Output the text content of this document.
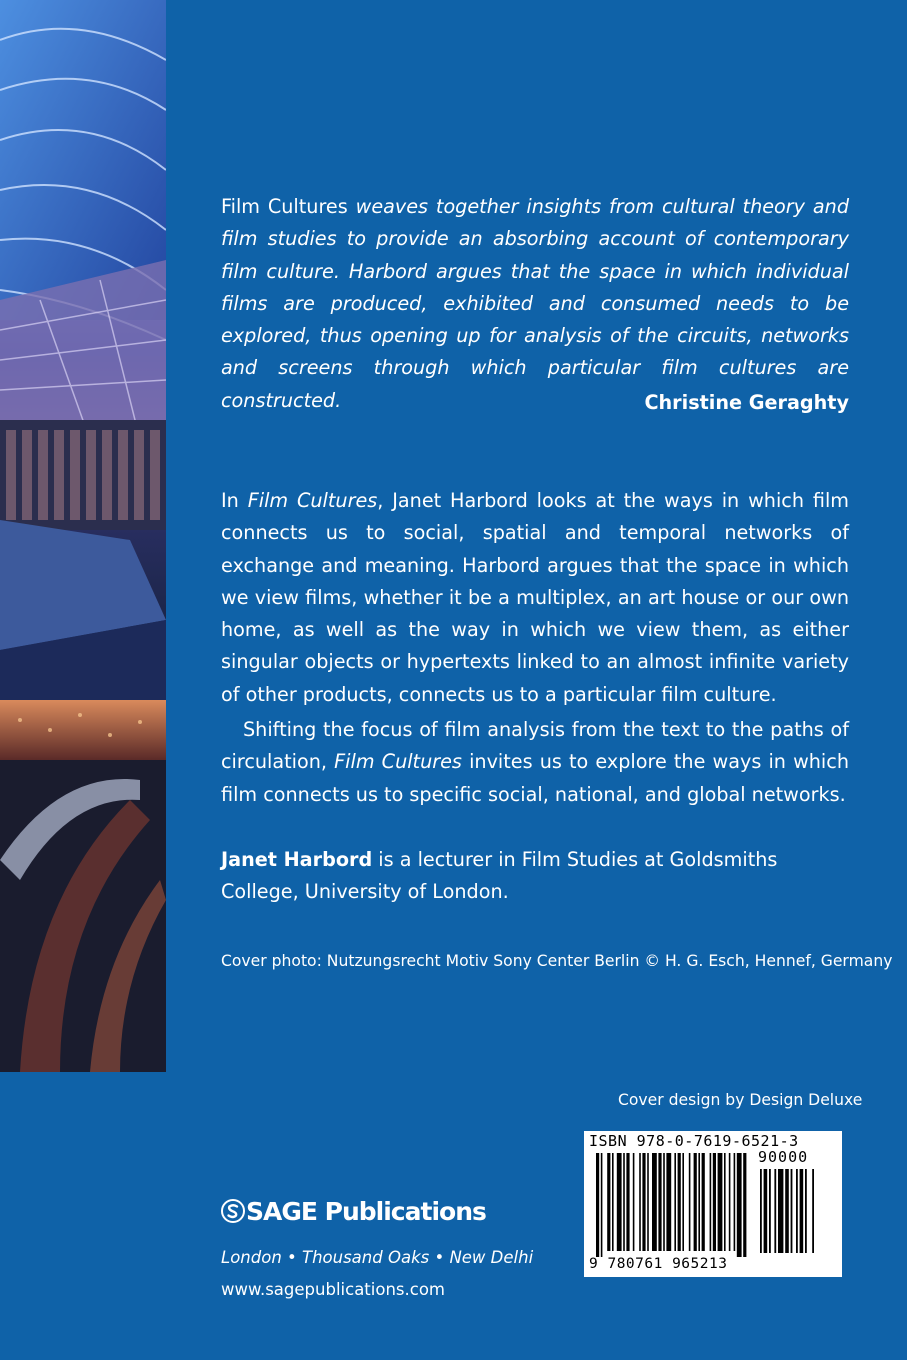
Film Cultures weaves together insights from cultural theory and film studies to provide an absorbing account of contemporary film culture. Harbord argues that the space in which individual films are produced, exhibited and consumed needs to be explored, thus opening up for analysis of the circuits, networks and screens through which particular film cultures are constructed.	Christine Geraghty
In Film Cultures, Janet Harbord looks at the ways in which film connects us to social, spatial and temporal networks of exchange and meaning. Harbord argues that the space in which we view films, whether it be a multiplex, an art house or our own home, as well as the way in which we view them, as either singular objects or hypertexts linked to an almost infinite variety of other products, connects us to a particular film culture.
Shifting the focus of film analysis from the text to the paths of circulation, Film Cultures invites us to explore the ways in which film connects us to specific social, national, and global networks.
Janet Harbord is a lecturer in Film Studies at Goldsmiths College, University of London.
Cover photo: Nutzungsrecht Motiv Sony Center Berlin © H. G. Esch, Hennef, Germany
Cover design by Design Deluxe
SAGE Publications
London • Thousand Oaks • New Delhi
www.sagepublications.com
ISBN 978-0-7619-6521-3
90000
9 780761 965213
